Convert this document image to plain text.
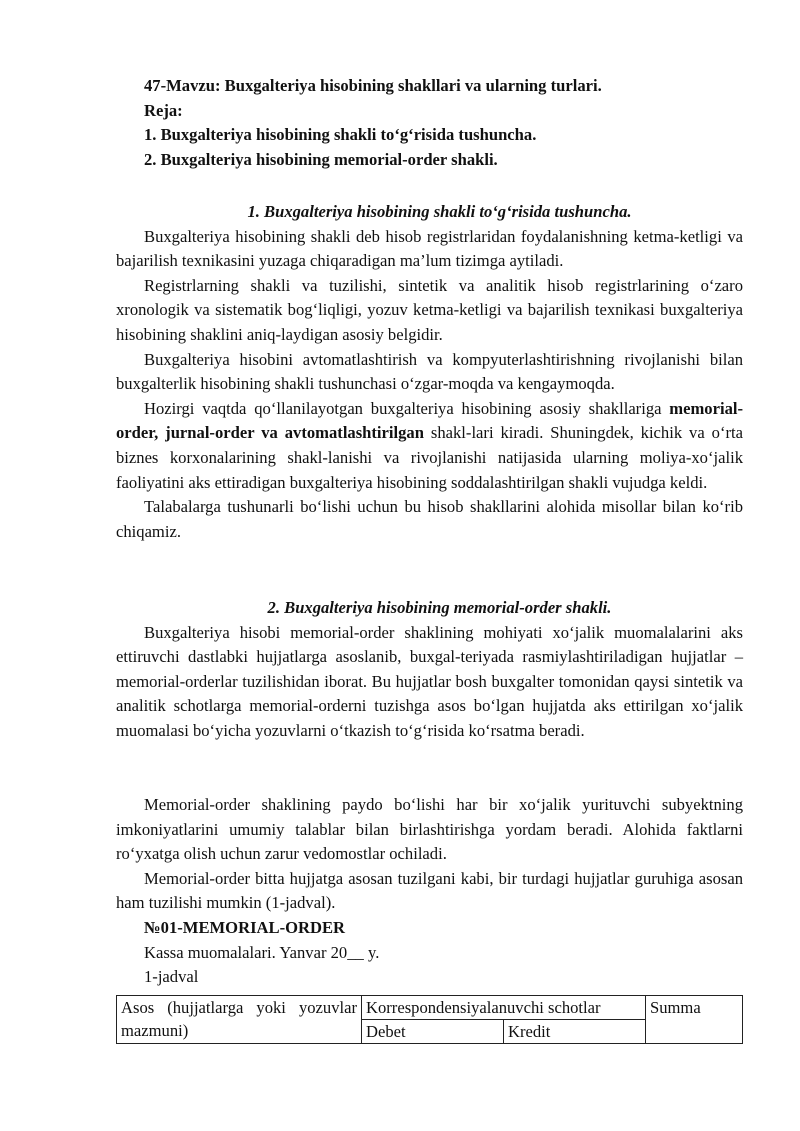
47-Mavzu: Buxgalteriya hisobining shakllari va ularning turlari.
Reja:
1. Buxgalteriya hisobining shakli to‘g‘risida tushuncha.
2. Buxgalteriya hisobining memorial-order shakli.
1. Buxgalteriya hisobining shakli to‘g‘risida tushuncha.

Buxgalteriya hisobining shakli deb hisob registrlaridan foydalanishning ketma-ketligi va bajarilish texnikasini yuzaga chiqaradigan ma’lum tizimga aytiladi.

Registrlarning shakli va tuzilishi, sintetik va analitik hisob registrlarining o‘zaro xronologik va sistematik bog‘liqligi, yozuv ketma-ketligi va bajarilish texnikasi buxgalteriya hisobining shaklini aniq-laydigan asosiy belgidir.

Buxgalteriya hisobini avtomatlashtirish va kompyuterlashtirishning rivojlanishi bilan buxgalterlik hisobining shakli tushunchasi o‘zgar-moqda va kengaymoqda.

Hozirgi vaqtda qo‘llanilayotgan buxgalteriya hisobining asosiy shakllariga memorial-order, jurnal-order va avtomatlashtirilgan shakl-lari kiradi. Shuningdek, kichik va o‘rta biznes korxonalarining shakl-lanishi va rivojlanishi natijasida ularning moliya-xo‘jalik faoliyatini aks ettiradigan buxgalteriya hisobining soddalashtirilgan shakli vujudga keldi.

Talabalarga tushunarli bo‘lishi uchun bu hisob shakllarini alohida misollar bilan ko‘rib chiqamiz.

2. Buxgalteriya hisobining memorial-order shakli.

Buxgalteriya hisobi memorial-order shaklining mohiyati xo‘jalik muomalalarini aks ettiruvchi dastlabki hujjatlarga asoslanib, buxgal-teriyada rasmiylashtiriladigan hujjatlar – memorial-orderlar tuzilishidan iborat. Bu hujjatlar bosh buxgalter tomonidan qaysi sintetik va analitik schotlarga memorial-orderni tuzishga asos bo‘lgan hujjatda aks ettirilgan xo‘jalik muomalasi bo‘yicha yozuvlarni o‘tkazish to‘g‘risida ko‘rsatma beradi.

Memorial-order shaklining paydo bo‘lishi har bir xo‘jalik yurituvchi subyektning imkoniyatlarini umumiy talablar bilan birlashtirishga yordam beradi. Alohida faktlarni ro‘yxatga olish uchun zarur vedomostlar ochiladi.

Memorial-order bitta hujjatga asosan tuzilgani kabi, bir turdagi hujjatlar guruhiga asosan ham tuzilishi mumkin (1-jadval).

№01-MEMORIAL-ORDER
Kassa muomalalari. Yanvar 20__ y.
1-jadval
Asos (hujjatlarga yoki yozuvlar mazmuni)	Korrespondensiyalanuvchi schotlar		Summa
	Debet	Kredit	
